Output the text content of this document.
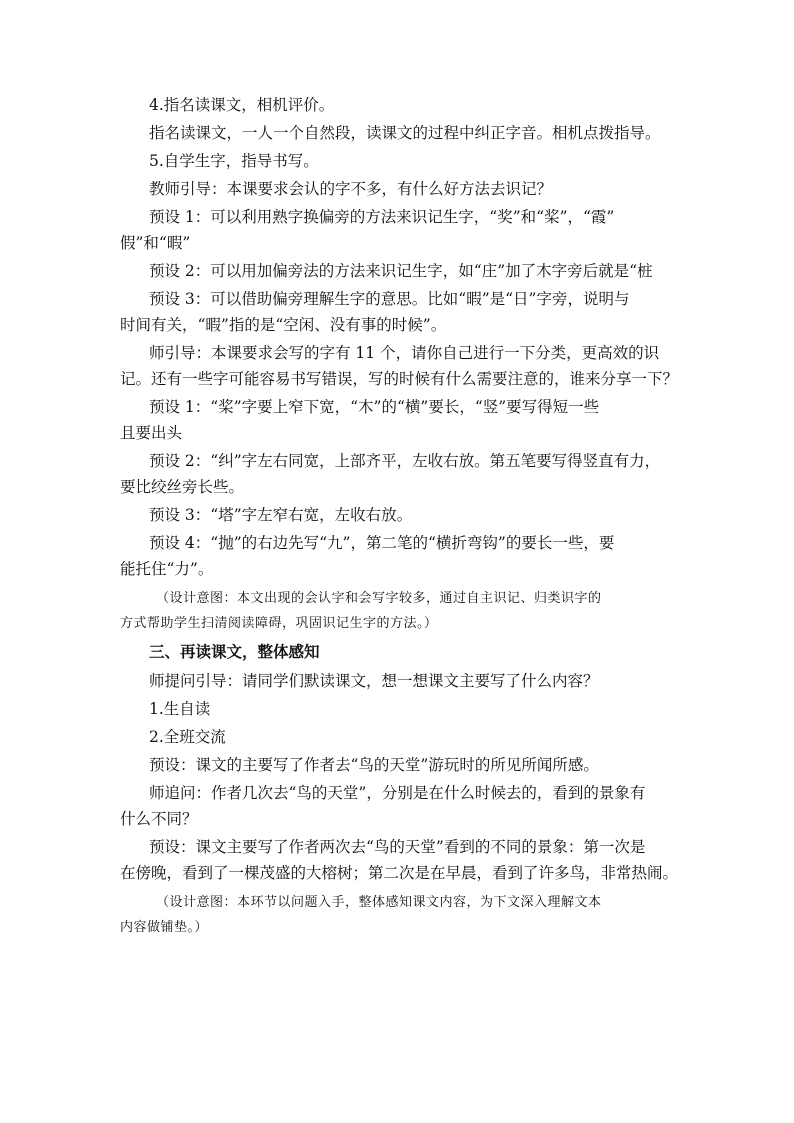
4.指名读课文，相机评价。

指名读课文，一人一个自然段，读课文的过程中纠正字音。相机点拨指导。

5.自学生字，指导书写。

教师引导：本课要求会认的字不多，有什么好方法去识记？

预设 1：可以利用熟字换偏旁的方法来识记生字，“奖”和“桨”，“霞”

假”和“暇”

预设 2：可以用加偏旁法的方法来识记生字，如“庄”加了木字旁后就是“桩

预设 3：可以借助偏旁理解生字的意思。比如“暇”是“日”字旁，说明与

时间有关，“暇”指的是“空闲、没有事的时候”。

师引导：本课要求会写的字有 11 个，请你自己进行一下分类，更高效的识

记。还有一些字可能容易书写错误，写的时候有什么需要注意的，谁来分享一下？

预设 1：“桨”字要上窄下宽，“木”的“横”要长，“竖”要写得短一些

且要出头

预设 2：“纠”字左右同宽，上部齐平，左收右放。第五笔要写得竖直有力，

要比绞丝旁长些。

预设 3：“塔”字左窄右宽，左收右放。

预设 4：“抛”的右边先写“九”，第二笔的“横折弯钩”的要长一些，要

能托住“力”。

（设计意图：本文出现的会认字和会写字较多，通过自主识记、归类识字的

方式帮助学生扫清阅读障碍，巩固识记生字的方法。）

三、再读课文，整体感知

师提问引导：请同学们默读课文，想一想课文主要写了什么内容？

1.生自读

2.全班交流

预设：课文的主要写了作者去“鸟的天堂”游玩时的所见所闻所感。

师追问：作者几次去“鸟的天堂”，分别是在什么时候去的，看到的景象有

什么不同？

预设：课文主要写了作者两次去“鸟的天堂”看到的不同的景象：第一次是

在傍晚，看到了一棵茂盛的大榕树；第二次是在早晨，看到了许多鸟，非常热闹。

（设计意图：本环节以问题入手，整体感知课文内容，为下文深入理解文本

内容做铺垫。）
